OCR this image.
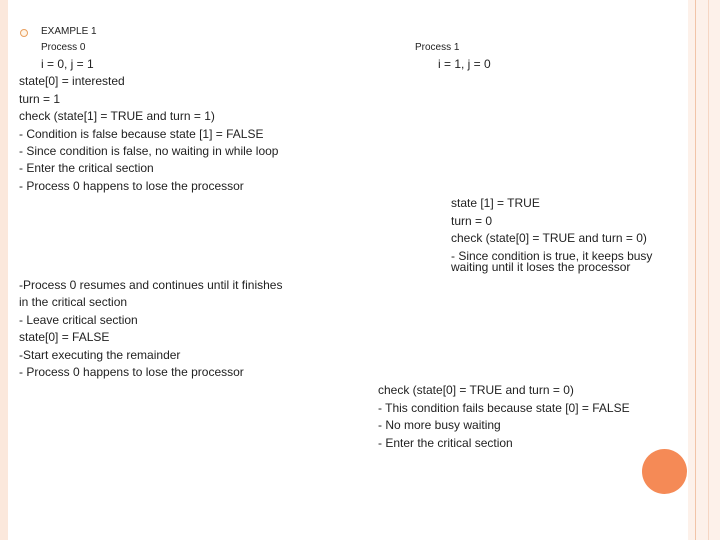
EXAMPLE 1
Process 0	Process 1
i = 0, j = 1	i = 1, j = 0
state[0] = interested
turn = 1
check (state[1] = TRUE and turn = 1)
- Condition is false because state [1] = FALSE
- Since condition is false, no waiting in while loop
- Enter the critical section
- Process 0 happens to lose the processor
state [1] = TRUE
turn = 0
check (state[0] = TRUE and turn = 0)
- Since condition is true, it keeps busy
waiting until it loses the processor
-Process 0 resumes and continues until it finishes
in the critical section
- Leave critical section
state[0] = FALSE
-Start executing the remainder
- Process 0 happens to lose the processor
check (state[0] = TRUE and turn = 0)
- This condition fails because state [0] = FALSE
- No more busy waiting
- Enter the critical section
